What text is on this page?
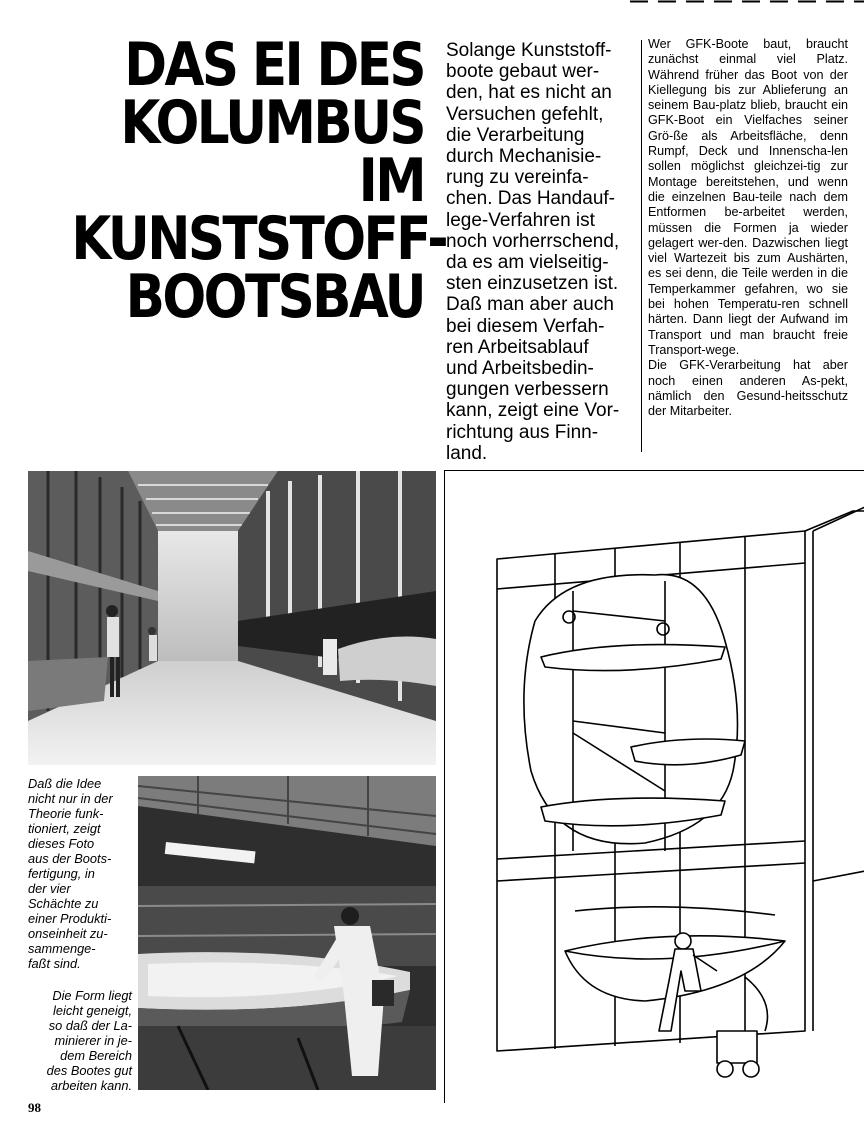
DAS EI DES
KOLUMBUS IM
KUNSTSTOFF-
BOOTSBAU

Solange Kunststoff-
boote gebaut wer-
den, hat es nicht an
Versuchen gefehlt,
die Verarbeitung
durch Mechanisie-
rung zu vereinfa-
chen. Das Handauf-
lege-Verfahren ist
noch vorherrschend,
da es am vielseitig-
sten einzusetzen ist.
Daß man aber auch
bei diesem Verfah-
ren Arbeitsablauf
und Arbeitsbedin-
gungen verbessern
kann, zeigt eine Vor-
richtung aus Finn-
land.

Wer GFK-Boote baut, braucht zunächst einmal viel Platz. Während früher das Boot von der Kiellegung bis zur Ablieferung an seinem Bau-platz blieb, braucht ein GFK-Boot ein Vielfaches seiner Grö-ße als Arbeitsfläche, denn Rumpf, Deck und Innenscha-len sollen möglichst gleichzei-tig zur Montage bereitstehen, und wenn die einzelnen Bau-teile nach dem Entformen be-arbeitet werden, müssen die Formen ja wieder gelagert wer-den. Dazwischen liegt viel Wartezeit bis zum Aushärten, es sei denn, die Teile werden in die Temperkammer gefahren, wo sie bei hohen Temperatu-ren schnell härten. Dann liegt der Aufwand im Transport und man braucht freie Transport-wege.
Die GFK-Verarbeitung hat aber noch einen anderen As-pekt, nämlich den Gesund-heitsschutz der Mitarbeiter.

Daß die Idee
nicht nur in der
Theorie funk-
tioniert, zeigt
dieses Foto
aus der Boots-
fertigung, in
der vier
Schächte zu
einer Produkti-
onseinheit zu-
sammenge-
faßt sind.

Die Form liegt
leicht geneigt,
so daß der La-
minierer in je-
dem Bereich
des Bootes gut
arbeiten kann.

98
